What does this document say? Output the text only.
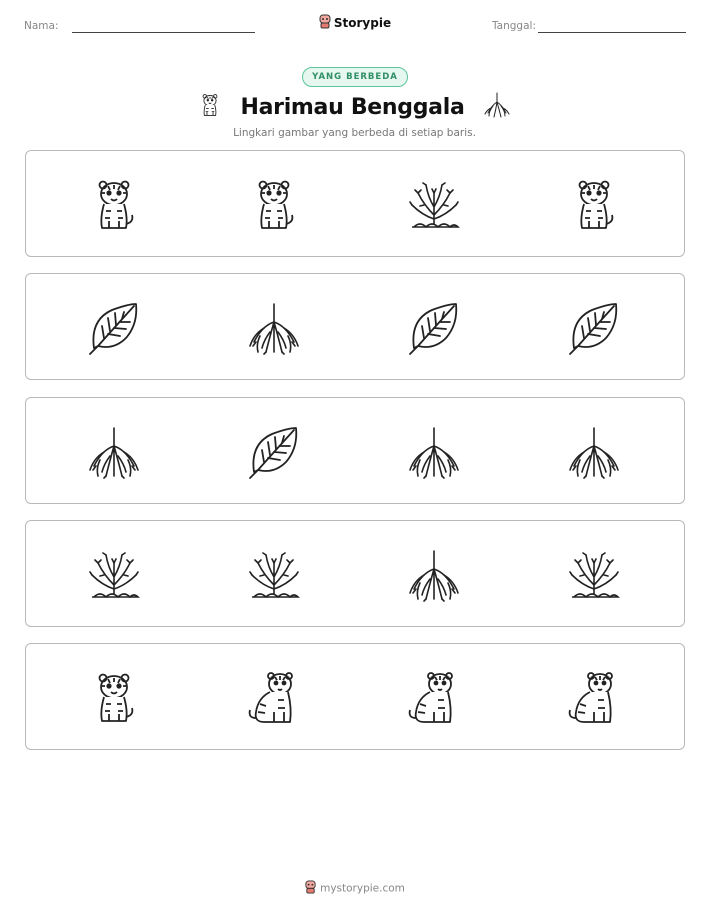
Nama:	Storypie	Tanggal:
YANG BERBEDA
Harimau Benggala
Lingkari gambar yang berbeda di setiap baris.
mystorypie.com
